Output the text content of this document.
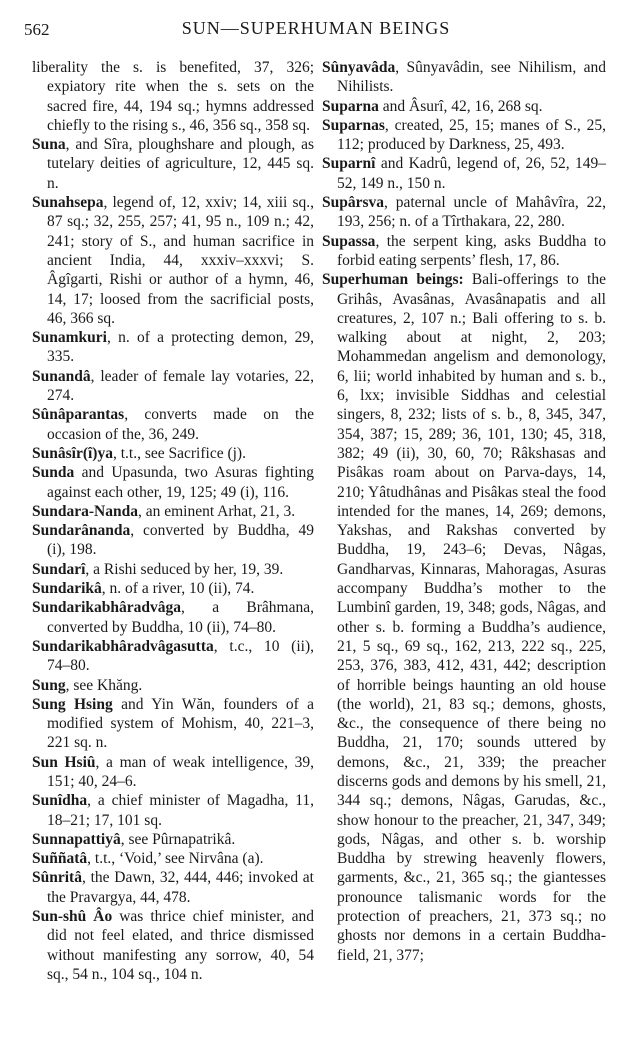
562	SUN—SUPERHUMAN BEINGS

liberality the s. is benefited, 37, 326; expiatory rite when the s. sets on the sacred fire, 44, 194 sq.; hymns addressed chiefly to the rising s., 46, 356 sq., 358 sq.

Suna, and Sîra, ploughshare and plough, as tutelary deities of agriculture, 12, 445 sq. n.

Sunahsepa, legend of, 12, xxiv; 14, xiii sq., 87 sq.; 32, 255, 257; 41, 95 n., 109 n.; 42, 241; story of S., and human sacrifice in ancient India, 44, xxxiv–xxxvi; S. Âgîgarti, Rishi or author of a hymn, 46, 14, 17; loosed from the sacrificial posts, 46, 366 sq.

Sunamkuri, n. of a protecting demon, 29, 335.

Sunandâ, leader of female lay votaries, 22, 274.

Sûnâparantas, converts made on the occasion of the, 36, 249.

Sunâsîr(î)ya, t.t., see Sacrifice (j).

Sunda and Upasunda, two Asuras fighting against each other, 19, 125; 49 (i), 116.

Sundara-Nanda, an eminent Arhat, 21, 3.

Sundarânanda, converted by Buddha, 49 (i), 198.

Sundarî, a Rishi seduced by her, 19, 39.

Sundarikâ, n. of a river, 10 (ii), 74.

Sundarikabhâradvâga, a Brâhmana, converted by Buddha, 10 (ii), 74–80.

Sundarikabhâradvâgasutta, t.c., 10 (ii), 74–80.

Sung, see Khăng.

Sung Hsing and Yin Wăn, founders of a modified system of Mohism, 40, 221–3, 221 sq. n.

Sun Hsiû, a man of weak intelligence, 39, 151; 40, 24–6.

Sunîdha, a chief minister of Magadha, 11, 18–21; 17, 101 sq.

Sunnapattiyâ, see Pûrnapatrikâ.

Suññatâ, t.t., ‘Void,’ see Nirvâna (a).

Sûnritâ, the Dawn, 32, 444, 446; invoked at the Pravargya, 44, 478.

Sun-shû Âo was thrice chief minister, and did not feel elated, and thrice dismissed without manifesting any sorrow, 40, 54 sq., 54 n., 104 sq., 104 n.

Sûnyavâda, Sûnyavâdin, see Nihilism, and Nihilists.

Suparna and Âsurî, 42, 16, 268 sq.

Suparnas, created, 25, 15; manes of S., 25, 112; produced by Darkness, 25, 493.

Suparnî and Kadrû, legend of, 26, 52, 149–52, 149 n., 150 n.

Supârsva, paternal uncle of Mahâvîra, 22, 193, 256; n. of a Tîrthakara, 22, 280.

Supassa, the serpent king, asks Buddha to forbid eating serpents’ flesh, 17, 86.

Superhuman beings: Bali-offerings to the Grihâs, Avasânas, Avasânapatis and all creatures, 2, 107 n.; Bali offering to s. b. walking about at night, 2, 203; Mohammedan angelism and demonology, 6, lii; world inhabited by human and s. b., 6, lxx; invisible Siddhas and celestial singers, 8, 232; lists of s. b., 8, 345, 347, 354, 387; 15, 289; 36, 101, 130; 45, 318, 382; 49 (ii), 30, 60, 70; Râkshasas and Pisâkas roam about on Parva-days, 14, 210; Yâtudhânas and Pisâkas steal the food intended for the manes, 14, 269; demons, Yakshas, and Rakshas converted by Buddha, 19, 243–6; Devas, Nâgas, Gandharvas, Kinnaras, Mahoragas, Asuras accompany Buddha’s mother to the Lumbinî garden, 19, 348; gods, Nâgas, and other s. b. forming a Buddha’s audience, 21, 5 sq., 69 sq., 162, 213, 222 sq., 225, 253, 376, 383, 412, 431, 442; description of horrible beings haunting an old house (the world), 21, 83 sq.; demons, ghosts, &c., the consequence of there being no Buddha, 21, 170; sounds uttered by demons, &c., 21, 339; the preacher discerns gods and demons by his smell, 21, 344 sq.; demons, Nâgas, Garudas, &c., show honour to the preacher, 21, 347, 349; gods, Nâgas, and other s. b. worship Buddha by strewing heavenly flowers, garments, &c., 21, 365 sq.; the giantesses pronounce talismanic words for the protection of preachers, 21, 373 sq.; no ghosts nor demons in a certain Buddha-field, 21, 377;
